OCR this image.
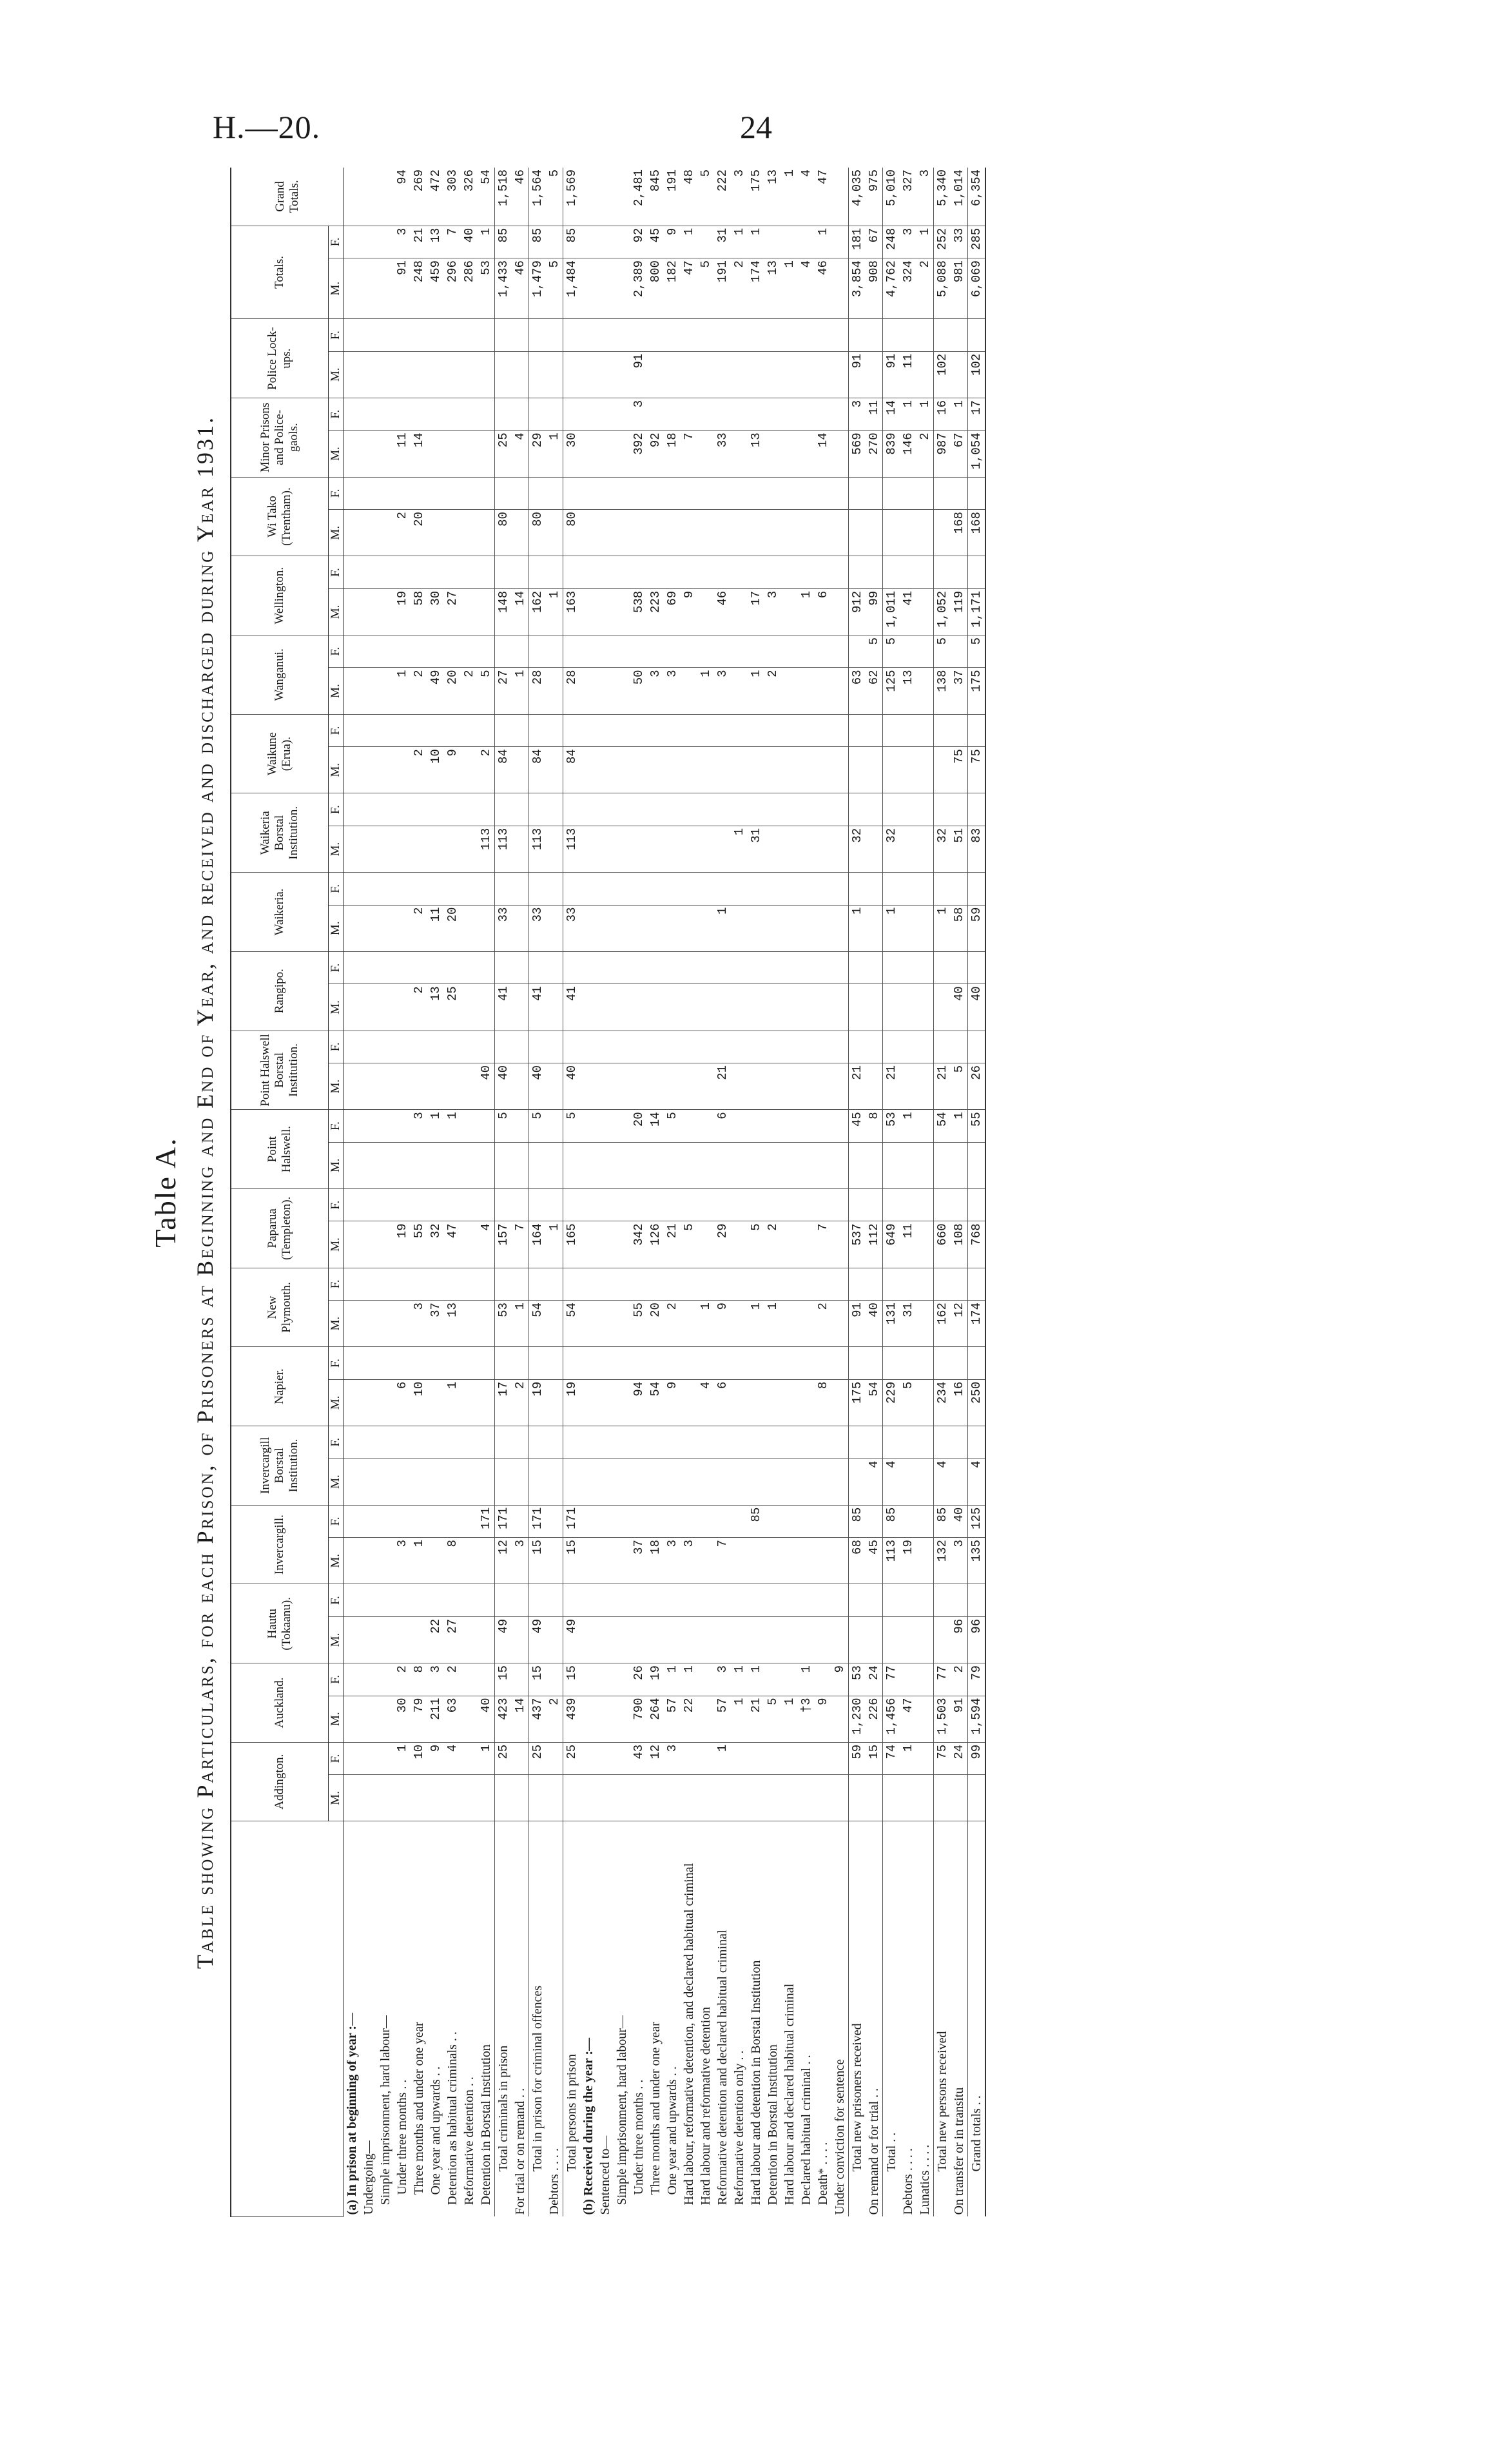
H.—20.	24
Table A. Table showing Particulars, for each Prison, of Prisoners at Beginning and End of Year, and received and discharged during Year 1931.
		Addington.		Auckland.		Hautu (Tokaanu).		Invercargill.		Invercargill Borstal Institution.		Napier.		New Plymouth.		Paparua (Templeton).		Point Halswell.		Point Halswell Borstal Institution.		Rangipo.		Waikeria.		Waikeria Borstal Institution.		Waikune (Erua).		Wanganui.		Wellington.		Wi Tako (Trentham).		Minor Prisons and Police-gaols.		Police Lock-ups.		Totals.		Grand Totals.
	M.	F.	M.	F.	M.	F.	M.	F.	M.	F.	M.	F.	M.	F.	M.	F.	M.	F.	M.	F.	M.	F.	M.	F.	M.	F.	M.	F.	M.	F.	M.	F.	M.	F.	M.	F.	M.	F.	M.	F.	
(a) In prison at beginning of year :—																																									
Undergoing—																																									
Simple imprisonment, hard labour—																																									
Under three months . .		1	30	2			3				6				19														1		19		2		11				91	3	94
Three months and under one year		10	79	8			1				10		3		55			3			2		2				2		2		58		20		14				248	21	269
One year and upwards . .		9	211	3	22								37		32			1			13		11				10		49		30								459	13	472
Detention as habitual criminals . .		4	63	2	27		8				1		13		47			1			25		20				9		20		27								296	7	303
Reformative detention . .																													2										286	40	326
Detention in Borstal Institution		1	40					171							4				40						113		2		5										53	1	54
Total criminals in prison		25	423	15	49		12	171			17		53		157			5	40		41		33		113		84		27		148		80		25				1,433	85	1,518
For trial or on remand . .			14				3				2		1		7														1		14				4				46		46
Total in prison for criminal offences		25	437	15	49		15	171			19		54		164			5	40		41		33		113		84		28		162		80		29				1,479	85	1,564
Debtors . . . .			2												1																1				1				5		5
Total persons in prison		25	439	15	49		15	171			19		54		165			5	40		41		33		113		84		28		163		80		30				1,484	85	1,569
(b) Received during the year :—																																									
Sentenced to—																																									
Simple imprisonment, hard labour—																																									
Under three months . .		43	790	26			37				94		55		342			20											50		538				392	3	91		2,389	92	2,481
Three months and under one year		12	264	19			18				54		20		126			14											3		223				92				800	45	845
One year and upwards . .		3	57	1			3				9		2		21			5											3		69				18				182	9	191
Hard labour, reformative detention, and declared habitual criminal			22	1			3								5																9				7				47	1	48
Hard labour and reformative detention											4		1																1										5		5
Reformative detention and declared habitual criminal		1	57	3			7				6		9		29			6	21				1						3		46				33				191	31	222
Reformative detention only . .			1	1																					1														2	1	3
Hard labour and detention in Borstal Institution			21	1				85					1		5										31				1		17				13				174	1	175
Detention in Borstal Institution			5										1		2														2		3								13		13
Hard labour and declared habitual criminal			1																																				1		1
Declared habitual criminal . .			†3	1																											1								4		4
Death* . . . .			9								8		2		7																6				14				46	1	47
Under conviction for sentence				9																																					
Total new prisoners received		59	1,230	53			68	85			175		91		537			45	21				1		32				63		912				569	3	91		3,854	181	4,035
On remand or for trial . .		15	226	24			45		4		54		40		112			8											62	5	99				270	11			908	67	975
Total . .		74	1,456	77			113	85	4		229		131		649			53	21				1		32				125	5	1,011				839	14	91		4,762	248	5,010
Debtors . . . .		1	47				19				5		31		11			1											13		41				146	1	11		324	3	327
Lunatics . . . .																																			2	1			2	1	3
Total new persons received		75	1,503	77			132	85	4		234		162		660			54	21				1		32				138	5	1,052				987	16	102		5,088	252	5,340
On transfer or in transitu		24	91	2	96		3	40			16		12		108			1	5		40		58		51		75		37		119		168		67	1			981	33	1,014
Grand totals . .		99	1,594	79	96		135	125	4		250		174		768			55	26		40		59		83		75		175	5	1,171		168		1,054	17	102		6,069	285	6,354
